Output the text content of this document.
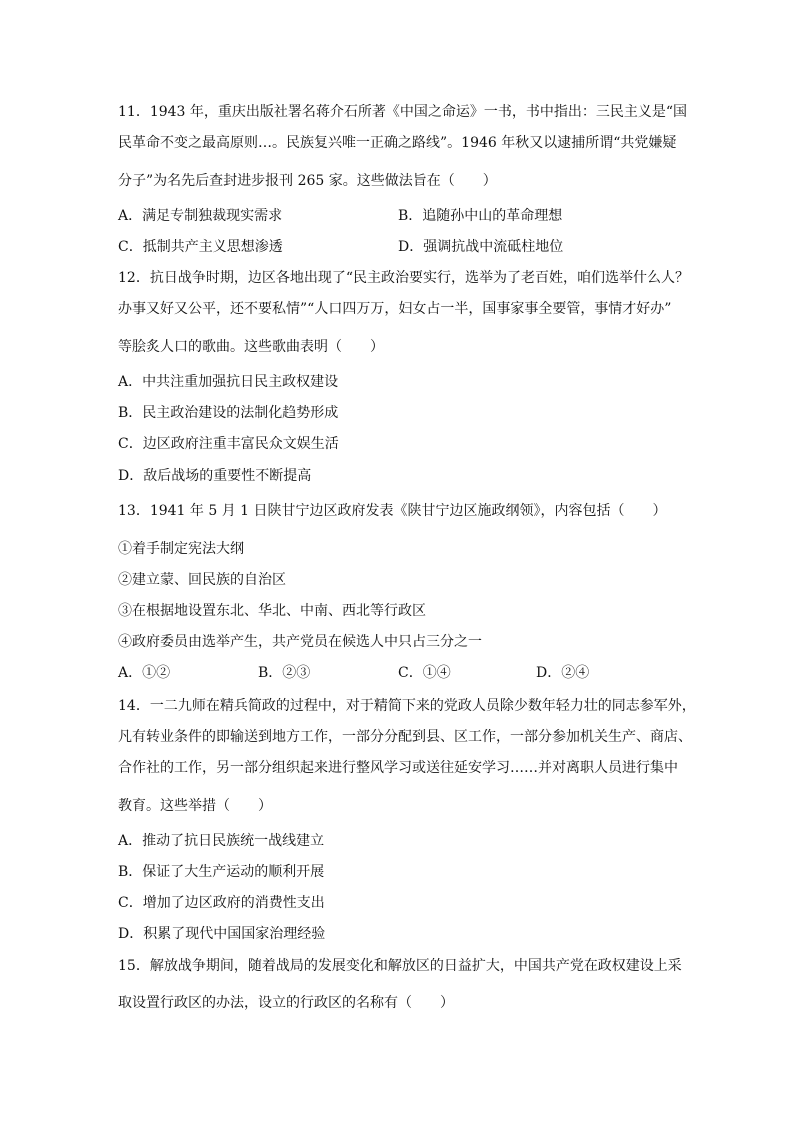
11．1943 年，重庆出版社署名蒋介石所著《中国之命运》一书，书中指出：三民主义是“国
民革命不变之最高原则…。民族复兴唯一正确之路线”。1946 年秋又以逮捕所谓“共党嫌疑
分子”为名先后查封进步报刊 265 家。这些做法旨在（　　）
A．满足专制独裁现实需求	B．追随孙中山的革命理想
C．抵制共产主义思想渗透	D．强调抗战中流砥柱地位
12．抗日战争时期，边区各地出现了“民主政治要实行，选举为了老百姓，咱们选举什么人？
办事又好又公平，还不要私情”“人口四万万，妇女占一半，国事家事全要管，事情才好办”
等脍炙人口的歌曲。这些歌曲表明（　　）
A．中共注重加强抗日民主政权建设
B．民主政治建设的法制化趋势形成
C．边区政府注重丰富民众文娱生活
D．敌后战场的重要性不断提高
13．1941 年 5 月 1 日陕甘宁边区政府发表《陕甘宁边区施政纲领》，内容包括（　　）
①着手制定宪法大纲
②建立蒙、回民族的自治区
③在根据地设置东北、华北、中南、西北等行政区
④政府委员由选举产生，共产党员在候选人中只占三分之一
A．①②	B．②③	C．①④	D．②④
14．一二九师在精兵简政的过程中，对于精简下来的党政人员除少数年轻力壮的同志参军外，
凡有转业条件的即输送到地方工作，一部分分配到县、区工作，一部分参加机关生产、商店、
合作社的工作，另一部分组织起来进行整风学习或送往延安学习……并对离职人员进行集中
教育。这些举措（　　）
A．推动了抗日民族统一战线建立
B．保证了大生产运动的顺利开展
C．增加了边区政府的消费性支出
D．积累了现代中国国家治理经验
15．解放战争期间，随着战局的发展变化和解放区的日益扩大，中国共产党在政权建设上采
取设置行政区的办法，设立的行政区的名称有（　　）
